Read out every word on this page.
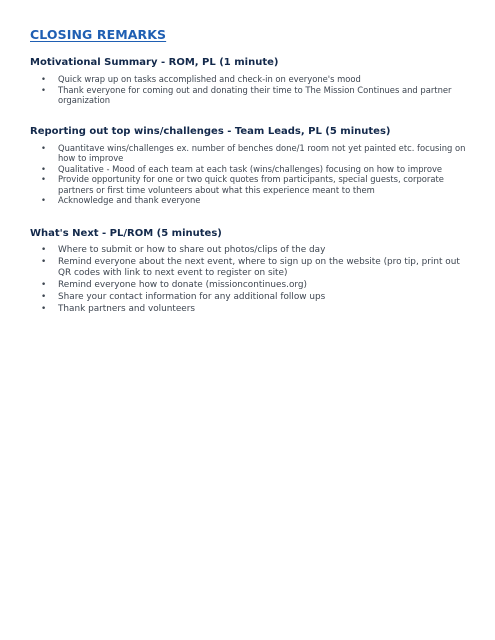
CLOSING REMARKS
Motivational Summary - ROM, PL (1 minute)
• Quick wrap up on tasks accomplished and check-in on everyone's mood
• Thank everyone for coming out and donating their time to The Mission Continues and partner organization
Reporting out top wins/challenges - Team Leads, PL (5 minutes)
• Quantitave wins/challenges ex. number of benches done/1 room not yet painted etc. focusing on how to improve
• Qualitative - Mood of each team at each task (wins/challenges) focusing on how to improve
• Provide opportunity for one or two quick quotes from participants, special guests, corporate partners or first time volunteers about what this experience meant to them
• Acknowledge and thank everyone
What's Next - PL/ROM (5 minutes)
• Where to submit or how to share out photos/clips of the day
• Remind everyone about the next event, where to sign up on the website (pro tip, print out QR codes with link to next event to register on site)
• Remind everyone how to donate (missioncontinues.org)
• Share your contact information for any additional follow ups
• Thank partners and volunteers
